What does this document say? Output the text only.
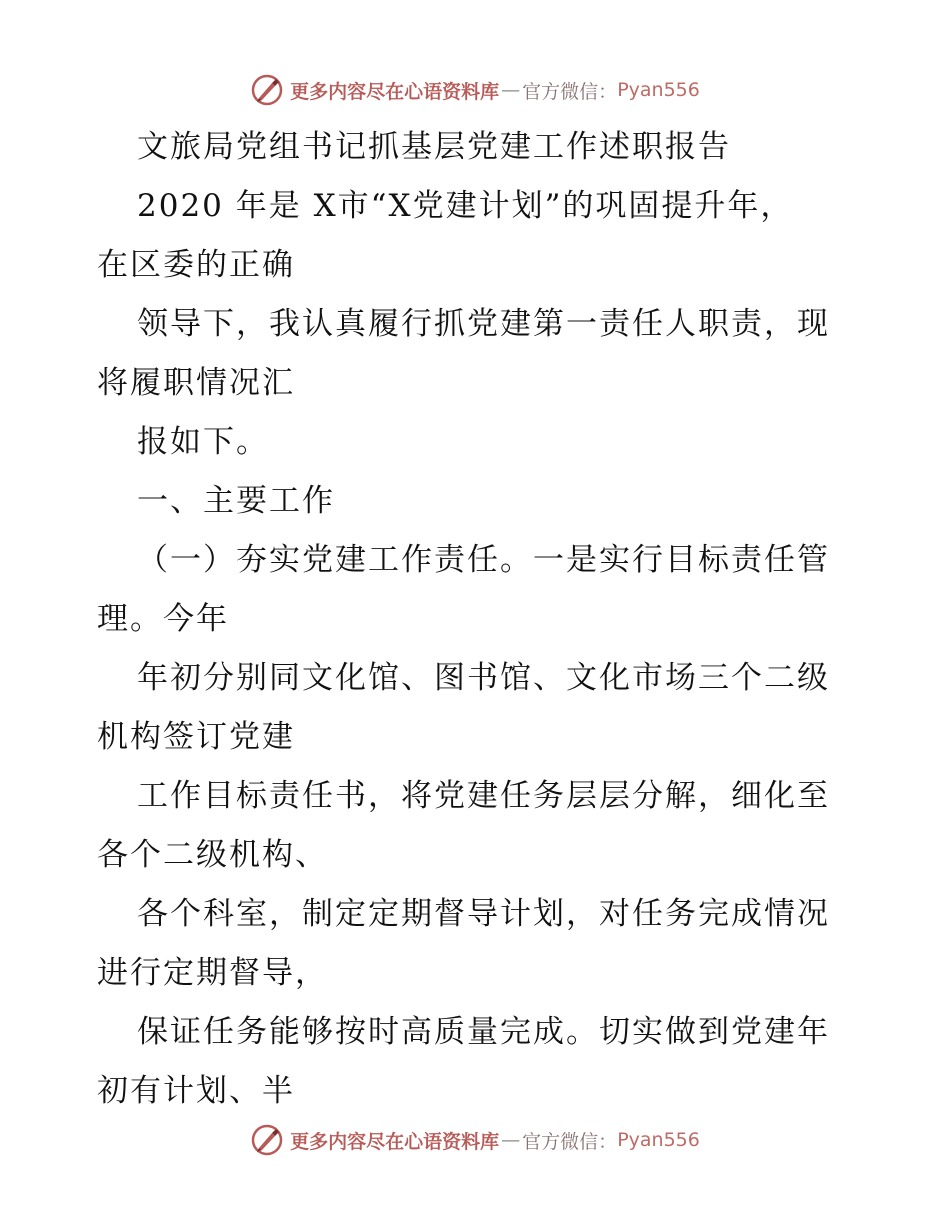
更多内容尽在心语资料库 — 官方微信： Pyan556
文旅局党组书记抓基层党建工作述职报告
2020 年是 X市“X党建计划”的巩固提升年，
在区委的正确
领导下，我认真履行抓党建第一责任人职责，现
将履职情况汇
报如下。
一、主要工作
（一）夯实党建工作责任。一是实行目标责任管
理。今年
年初分别同文化馆、图书馆、文化市场三个二级
机构签订党建
工作目标责任书，将党建任务层层分解，细化至
各个二级机构、
各个科室，制定定期督导计划，对任务完成情况
进行定期督导，
保证任务能够按时高质量完成。切实做到党建年
初有计划、半
更多内容尽在心语资料库 — 官方微信： Pyan556
